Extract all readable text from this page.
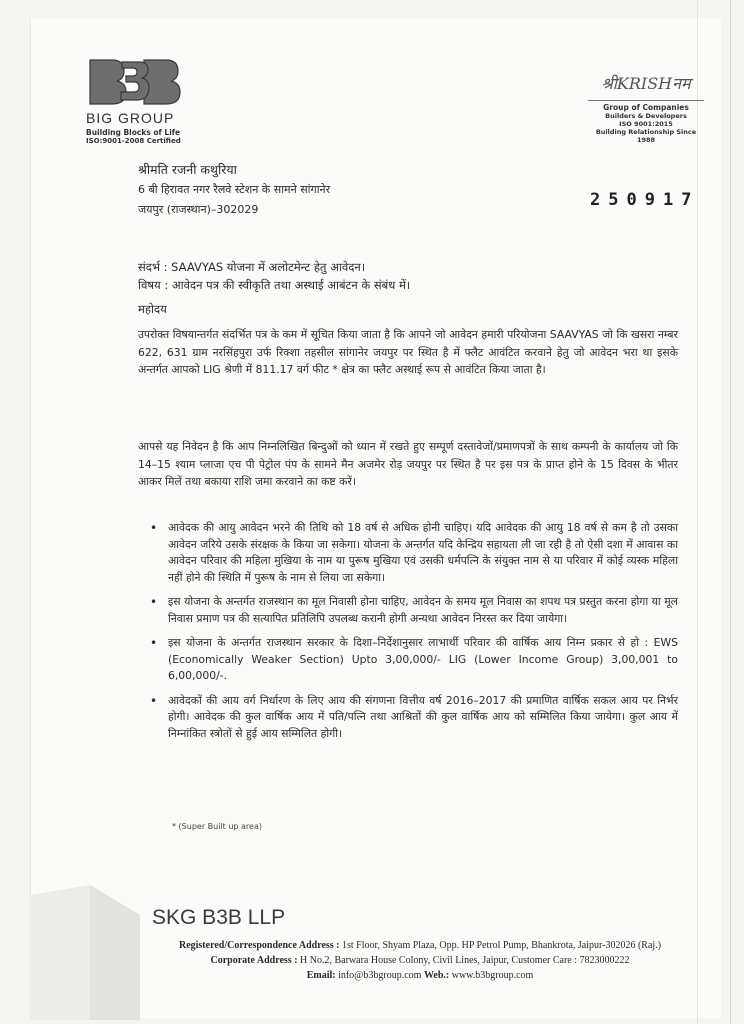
BIG GROUP
Building Blocks of Life
ISO:9001-2008 Certified
श्रीKRISHनम
Group of Companies
Builders & Developers
ISO 9001:2015
Building Relationship Since 1988
250917
श्रीमति रजनी कथुरिया
6 बी हिरावत नगर रैलवे स्टेशन के सामने सांगानेर
जयपुर (राजस्थान)–302029
संदर्भ : SAAVYAS योजना में अलोटमेन्ट हेतु आवेदन।
विषय : आवेदन पत्र की स्वीकृति तथा अस्थाई आबंटन के संबंध में।
महोदय
उपरोक्त विषयान्तर्गत संदर्भित पत्र के कम में सूचित किया जाता है कि आपने जो आवेदन हमारी परियोजना SAAVYAS जो कि खसरा नम्बर 622, 631 ग्राम नरसिंहपुरा उर्फ रिक्शा तहसील सांगानेर जयपुर पर स्थित है में फ्लैट आवंटित करवाने हेतु जो आवेदन भरा था इसके अन्तर्गत आपको LIG श्रेणी में 811.17 वर्ग फीट * क्षेत्र का फ्लैट अस्थाई रूप से आवंटित किया जाता है।
आपसे यह निवेदन है कि आप निम्नलिखित बिन्दुओं को ध्यान में रखते हुए सम्पूर्ण दस्तावेजों/प्रमाणपत्रों के साथ कम्पनी के कार्यालय जो कि 14–15 श्याम प्लाजा एच पी पेट्रोल पंप के सामने मैन अजमेर रोड़ जयपुर पर स्थित है पर इस पत्र के प्राप्त होने के 15 दिवस के भीतर आकर मिलें तथा बकाया राशि जमा करवाने का कष्ट करें।
• आवेदक की आयु आवेदन भरने की तिथि को 18 वर्ष से अधिक होनी चाहिए। यदि आवेदक की आयु 18 वर्ष से कम है तो उसका आवेदन जरिये उसके संरक्षक के किया जा सकेगा। योजना के अन्तर्गत यदि केन्द्रिय सहायता ली जा रही है तो ऐसी दशा में आवास का आवेदन परिवार की महिला मुखिया के नाम या पुरूष मुखिया एवं उसकी धर्मपत्नि के संयुक्त नाम से या परिवार में कोई व्यस्क महिला नहीं होने की स्थिति में पुरूष के नाम से लिया जा सकेगा।
• इस योजना के अन्तर्गत राजस्थान का मूल निवासी होना चाहिए, आवेदन के समय मूल निवास का शपथ पत्र प्रस्तुत करना होगा या मूल निवास प्रमाण पत्र की सत्यापित प्रतिलिपि उपलब्ध करानी होगी अन्यथा आवेदन निरस्त कर दिया जायेगा।
• इस योजना के अन्तर्गत राजस्थान सरकार के दिशा–निर्देशानुसार लाभार्थी परिवार की वार्षिक आय निम्न प्रकार से हो : EWS (Economically Weaker Section) Upto 3,00,000/- LIG (Lower Income Group) 3,00,001 to 6,00,000/-.
• आवेदकों की आय वर्ग निर्धारण के लिए आय की संगणना वित्तीय वर्ष 2016–2017 की प्रमाणित वार्षिक सकल आय पर निर्भर होगी। आवेदक की कुल वार्षिक आय में पति/पत्नि तथा आश्रितों की कुल वार्षिक आय को सम्मिलित किया जायेगा। कुल आय में निम्नांकित स्त्रोतों से हुई आय सम्मिलित होगी।
* (Super Built up area)
SKG B3B LLP
Registered/Correspondence Address : 1st Floor, Shyam Plaza, Opp. HP Petrol Pump, Bhankrota, Jaipur-302026 (Raj.)
Corporate Address : H No.2, Barwara House Colony, Civil Lines, Jaipur, Customer Care : 7823000222
Email: info@b3bgroup.com Web.: www.b3bgroup.com
